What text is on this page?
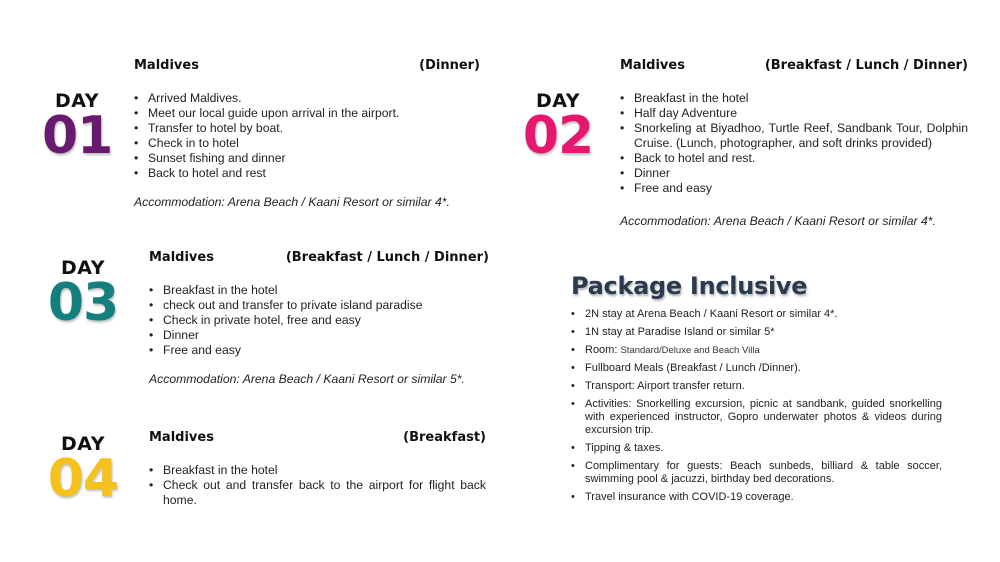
DAY
01
Maldives	(Dinner)
• Arrived Maldives.
• Meet our local guide upon arrival in the airport.
• Transfer to hotel by boat.
• Check in to hotel
• Sunset fishing and dinner
• Back to hotel and rest
Accommodation: Arena Beach / Kaani Resort or similar 4*.
DAY
02
Maldives	(Breakfast / Lunch / Dinner)
• Breakfast in the hotel
• Half day Adventure
• Snorkeling at Biyadhoo, Turtle Reef, Sandbank Tour, Dolphin Cruise. (Lunch, photographer, and soft drinks provided)
• Back to hotel and rest.
• Dinner
• Free and easy
Accommodation: Arena Beach / Kaani Resort or similar 4*.
DAY
03
Maldives	(Breakfast / Lunch / Dinner)
• Breakfast in the hotel
• check out and transfer to private island paradise
• Check in private hotel, free and easy
• Dinner
• Free and easy
Accommodation: Arena Beach / Kaani Resort or similar 5*.
DAY
04
Maldives	(Breakfast)
• Breakfast in the hotel
• Check out and transfer back to the airport for flight back home.
Package Inclusive
• 2N stay at Arena Beach / Kaani Resort or similar 4*.
• 1N stay at Paradise Island or similar 5*
• Room: Standard/Deluxe and Beach Villa
• Fullboard Meals (Breakfast / Lunch /Dinner).
• Transport: Airport transfer return.
• Activities: Snorkelling excursion, picnic at sandbank, guided snorkelling with experienced instructor, Gopro underwater photos & videos during excursion trip.
• Tipping & taxes.
• Complimentary for guests: Beach sunbeds, billiard & table soccer, swimming pool & jacuzzi, birthday bed decorations.
• Travel insurance with COVID-19 coverage.
